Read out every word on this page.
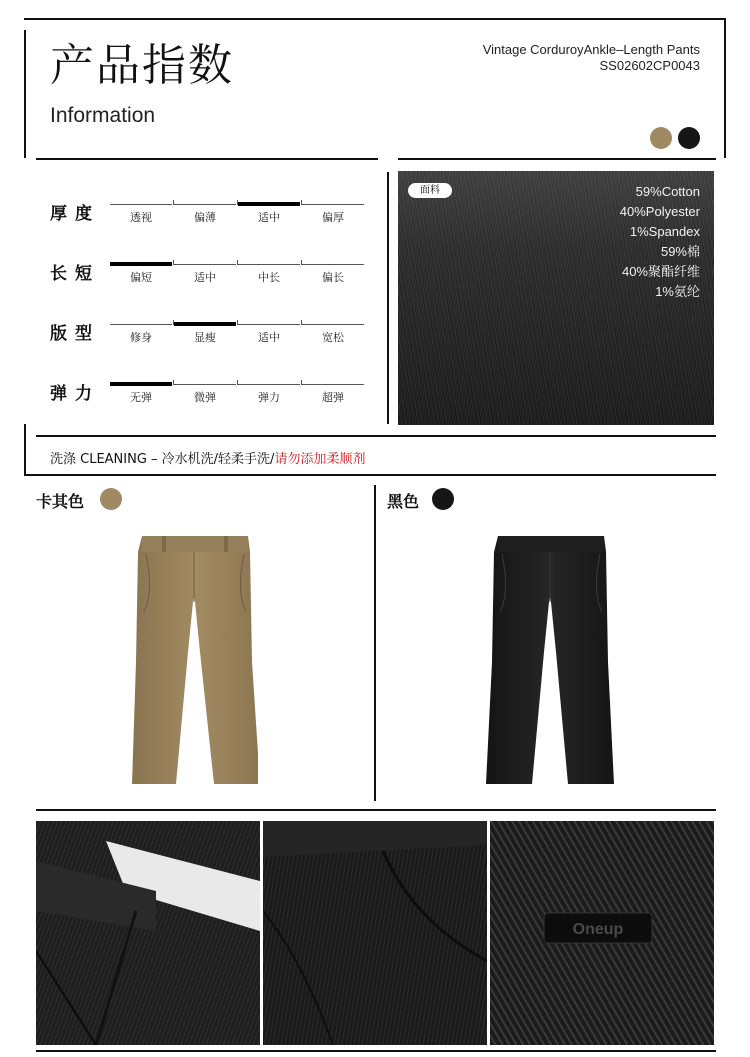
产品指数
Information
Vintage CorduroyAnkle–Length Pants
SS02602CP0043
厚度	透视	偏薄	适中	偏厚
长短	偏短	适中	中长	偏长
版型	修身	显瘦	适中	宽松
弹力	无弹	微弹	弹力	超弹
面料	59%Cotton
40%Polyester
1%Spandex
59%棉
40%聚酯纤维
1%氨纶
洗涤 CLEANING – 冷水机洗/轻柔手洗/请勿添加柔顺剂
卡其色	黑色
Oneup
